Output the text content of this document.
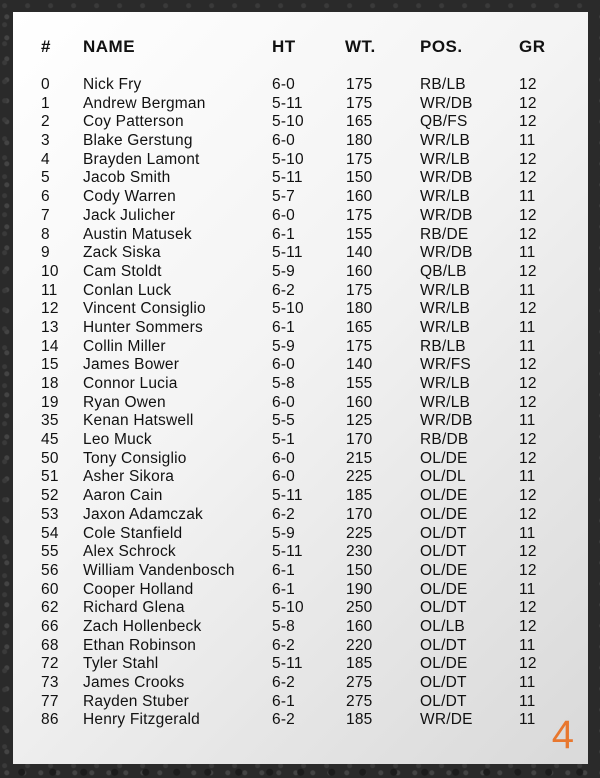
# NAME	HT	WT.	POS.	GR
0 Nick Fry	6-0	175	RB/LB	12
1 Andrew Bergman	5-11	175	WR/DB	12
2 Coy Patterson	5-10	165	QB/FS	12
3 Blake Gerstung	6-0	180	WR/LB	11
4 Brayden Lamont	5-10	175	WR/LB	12
5 Jacob Smith	5-11	150	WR/DB	12
6 Cody Warren	5-7	160	WR/LB	11
7 Jack Julicher	6-0	175	WR/DB	12
8 Austin Matusek	6-1	155	RB/DE	12
9 Zack Siska	5-11	140	WR/DB	11
10 Cam Stoldt	5-9	160	QB/LB	12
11 Conlan Luck	6-2	175	WR/LB	11
12 Vincent Consiglio	5-10	180	WR/LB	12
13 Hunter Sommers	6-1	165	WR/LB	11
14 Collin Miller	5-9	175	RB/LB	11
15 James Bower	6-0	140	WR/FS	12
18 Connor Lucia	5-8	155	WR/LB	12
19 Ryan Owen	6-0	160	WR/LB	12
35 Kenan Hatswell	5-5	125	WR/DB	11
45 Leo Muck	5-1	170	RB/DB	12
50 Tony Consiglio	6-0	215	OL/DE	12
51 Asher Sikora	6-0	225	OL/DL	11
52 Aaron Cain	5-11	185	OL/DE	12
53 Jaxon Adamczak	6-2	170	OL/DE	12
54 Cole Stanfield	5-9	225	OL/DT	11
55 Alex Schrock	5-11	230	OL/DT	12
56 William Vandenbosch 6-1	150	OL/DE	12
60 Cooper Holland	6-1	190	OL/DE	11
62 Richard Glena	5-10	250	OL/DT	12
66 Zach Hollenbeck	5-8	160	OL/LB	12
68 Ethan Robinson	6-2	220	OL/DT	11
72 Tyler Stahl	5-11	185	OL/DE	12
73 James Crooks	6-2	275	OL/DT	11
77 Rayden Stuber	6-1	275	OL/DT	11
86 Henry Fitzgerald	6-2	185	WR/DE	11 4
